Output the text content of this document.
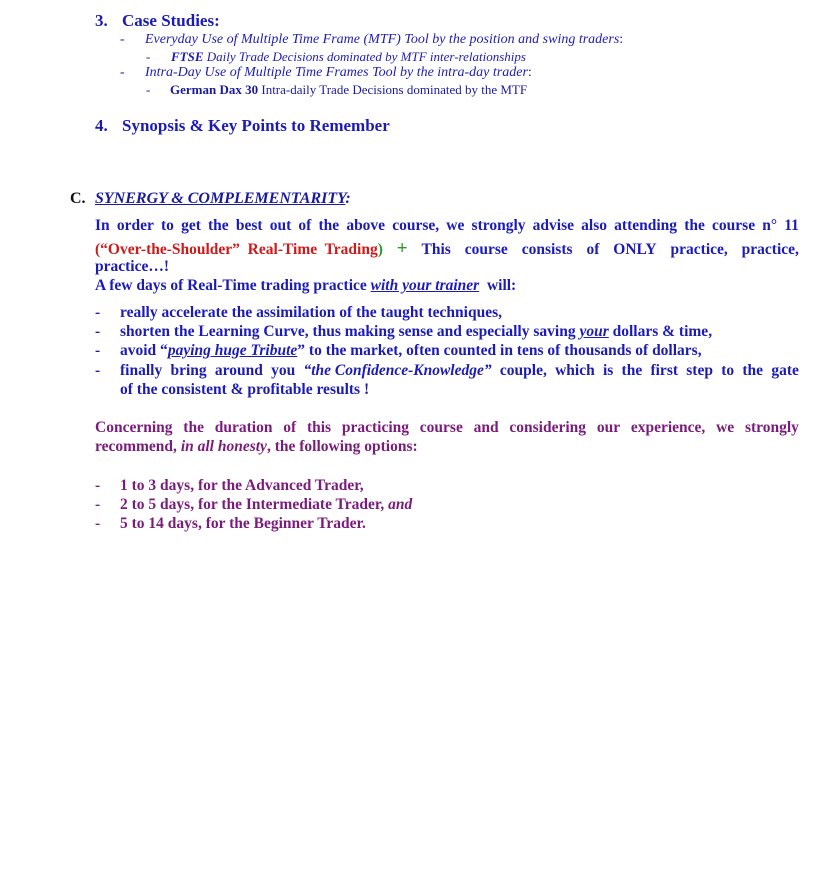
3. Case Studies:
- Everyday Use of Multiple Time Frame (MTF) Tool by the position and swing traders:
- FTSE Daily Trade Decisions dominated by MTF inter-relationships
- Intra-Day Use of Multiple Time Frames Tool by the intra-day trader:
- German Dax 30 Intra-daily Trade Decisions dominated by the MTF
4. Synopsis & Key Points to Remember
C. SYNERGY & COMPLEMENTARITY:
In order to get the best out of the above course, we strongly advise also attending the course n° 11
(“Over-the-Shoulder”  Real-Time  Trading) + This course consists of ONLY practice, practice,
practice…!
A few days of Real-Time trading practice with your trainer  will:
- really accelerate the assimilation of the taught techniques,
- shorten the Learning Curve, thus making sense and especially saving your dollars & time,
- avoid “paying huge Tribute” to the market, often counted in tens of thousands of dollars,
- finally bring around you “the Confidence-Knowledge” couple, which is the first step to the gate
of the consistent & profitable results !
Concerning the duration of this practicing course and considering our experience, we strongly
recommend, in all honesty, the following options:
- 1 to 3 days, for the Advanced Trader,
- 2 to 5 days, for the Intermediate Trader, and
- 5 to 14 days, for the Beginner Trader.
